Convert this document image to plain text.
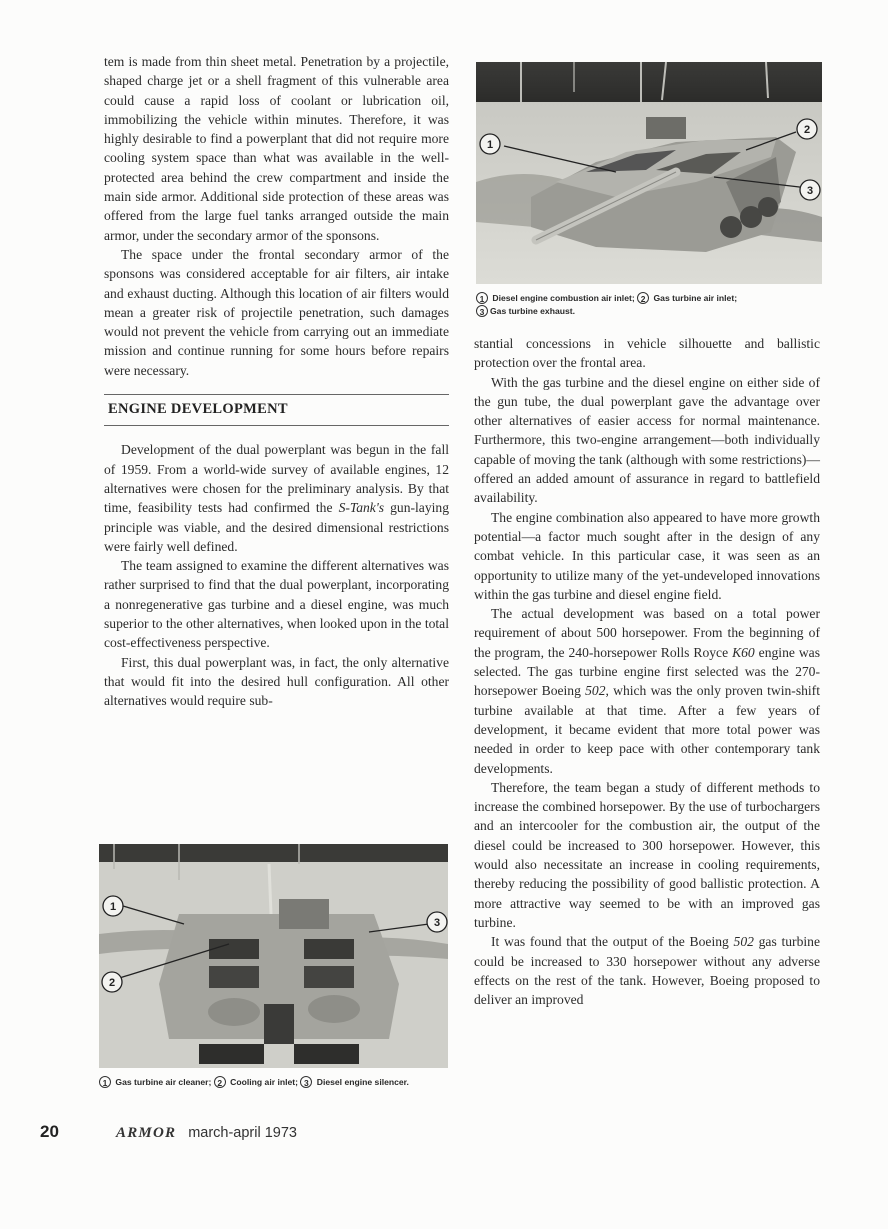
tem is made from thin sheet metal. Penetration by a projectile, shaped charge jet or a shell fragment of this vulnerable area could cause a rapid loss of coolant or lubrication oil, immobilizing the vehicle within minutes. Therefore, it was highly desirable to find a powerplant that did not require more cooling system space than what was available in the well-protected area behind the crew compartment and inside the main side armor. Additional side protection of these areas was offered from the large fuel tanks arranged outside the main armor, under the secondary armor of the sponsons.

The space under the frontal secondary armor of the sponsons was considered acceptable for air filters, air intake and exhaust ducting. Although this location of air filters would mean a greater risk of projectile penetration, such damages would not prevent the vehicle from carrying out an immediate mission and continue running for some hours before repairs were necessary.

ENGINE DEVELOPMENT

Development of the dual powerplant was begun in the fall of 1959. From a world-wide survey of available engines, 12 alternatives were chosen for the preliminary analysis. By that time, feasibility tests had confirmed the S-Tank's gun-laying principle was viable, and the desired dimensional restrictions were fairly well defined.

The team assigned to examine the different alternatives was rather surprised to find that the dual powerplant, incorporating a nonregenerative gas turbine and a diesel engine, was much superior to the other alternatives, when looked upon in the total cost-effectiveness perspective.

First, this dual powerplant was, in fact, the only alternative that would fit into the desired hull configuration. All other alternatives would require sub-

1
2
3
1 Diesel engine combustion air inlet; 2 Gas turbine air inlet;
3 Gas turbine exhaust.

stantial concessions in vehicle silhouette and ballistic protection over the frontal area.

With the gas turbine and the diesel engine on either side of the gun tube, the dual powerplant gave the advantage over other alternatives of easier access for normal maintenance. Furthermore, this two-engine arrangement—both individually capable of moving the tank (although with some restrictions)—offered an added amount of assurance in regard to battlefield availability.

The engine combination also appeared to have more growth potential—a factor much sought after in the design of any combat vehicle. In this particular case, it was seen as an opportunity to utilize many of the yet-undeveloped innovations within the gas turbine and diesel engine field.

The actual development was based on a total power requirement of about 500 horsepower. From the beginning of the program, the 240-horsepower Rolls Royce K60 engine was selected. The gas turbine engine first selected was the 270-horsepower Boeing 502, which was the only proven twin-shift turbine available at that time. After a few years of development, it became evident that more total power was needed in order to keep pace with other contemporary tank developments.

Therefore, the team began a study of different methods to increase the combined horsepower. By the use of turbochargers and an intercooler for the combustion air, the output of the diesel could be increased to 300 horsepower. However, this would also necessitate an increase in cooling requirements, thereby reducing the possibility of good ballistic protection. A more attractive way seemed to be with an improved gas turbine.

It was found that the output of the Boeing 502 gas turbine could be increased to 330 horsepower without any adverse effects on the rest of the tank. However, Boeing proposed to deliver an improved

1
2
3
1 Gas turbine air cleaner; 2 Cooling air inlet; 3 Diesel engine silencer.
20	ARMOR march-april 1973
